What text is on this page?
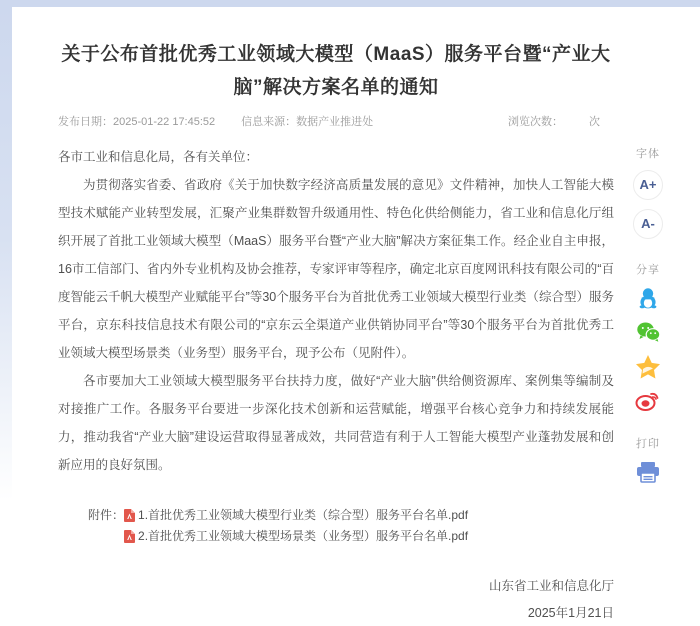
关于公布首批优秀工业领域大模型（MaaS）服务平台暨“产业大脑”解决方案名单的通知
发布日期：2025-01-22 17:45:52 信息来源：数据产业推进处	浏览次数： 次

各市工业和信息化局，各有关单位：

为贯彻落实省委、省政府《关于加快数字经济高质量发展的意见》文件精神，加快人工智能大模型技术赋能产业转型发展，汇聚产业集群数智升级通用性、特色化供给侧能力，省工业和信息化厅组织开展了首批工业领域大模型（MaaS）服务平台暨“产业大脑”解决方案征集工作。经企业自主申报，16市工信部门、省内外专业机构及协会推荐，专家评审等程序，确定北京百度网讯科技有限公司的“百度智能云千帆大模型产业赋能平台”等30个服务平台为首批优秀工业领域大模型行业类（综合型）服务平台，京东科技信息技术有限公司的“京东云全渠道产业供销协同平台”等30个服务平台为首批优秀工业领域大模型场景类（业务型）服务平台，现予公布（见附件）。

各市要加大工业领域大模型服务平台扶持力度，做好“产业大脑”供给侧资源库、案例集等编制及对接推广工作。各服务平台要进一步深化技术创新和运营赋能，增强平台核心竞争力和持续发展能力，推动我省“产业大脑”建设运营取得显著成效，共同营造有利于人工智能大模型产业蓬勃发展和创新应用的良好氛围。

附件： 1.首批优秀工业领域大模型行业类（综合型）服务平台名单.pdf
2.首批优秀工业领域大模型场景类（业务型）服务平台名单.pdf
山东省工业和信息化厅
2025年1月21日
字体
A+
A-
分享
打印
